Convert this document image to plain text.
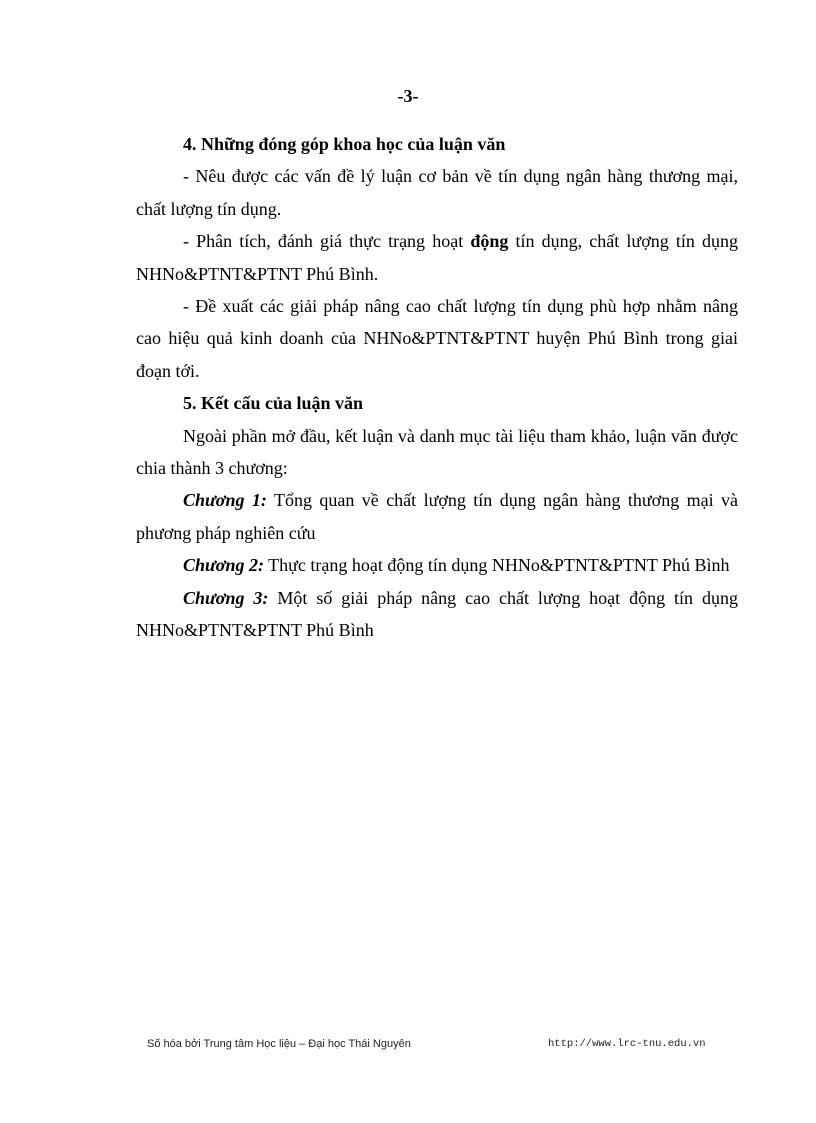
-3-

4. Những đóng góp khoa học của luận văn

- Nêu được các vấn đề lý luận cơ bản về tín dụng ngân hàng thương mại, chất lượng tín dụng.

- Phân tích, đánh giá thực trạng hoạt động tín dụng, chất lượng tín dụng NHNo&PTNT&PTNT Phú Bình.

- Đề xuất các giải pháp nâng cao chất lượng tín dụng phù hợp nhằm nâng cao hiệu quả kinh doanh của NHNo&PTNT&PTNT huyện Phú Bình trong giai đoạn tới.

5. Kết cấu của luận văn

Ngoài phần mở đầu, kết luận và danh mục tài liệu tham khảo, luận văn được chia thành 3 chương:

Chương 1: Tổng quan về chất lượng tín dụng ngân hàng thương mại và phương pháp nghiên cứu

Chương 2: Thực trạng hoạt động tín dụng NHNo&PTNT&PTNT Phú Bình

Chương 3: Một số giải pháp nâng cao chất lượng hoạt động tín dụng NHNo&PTNT&PTNT Phú Bình

Số hóa bởi Trung tâm Học liệu – Đại học Thái Nguyên	http://www.lrc-tnu.edu.vn
